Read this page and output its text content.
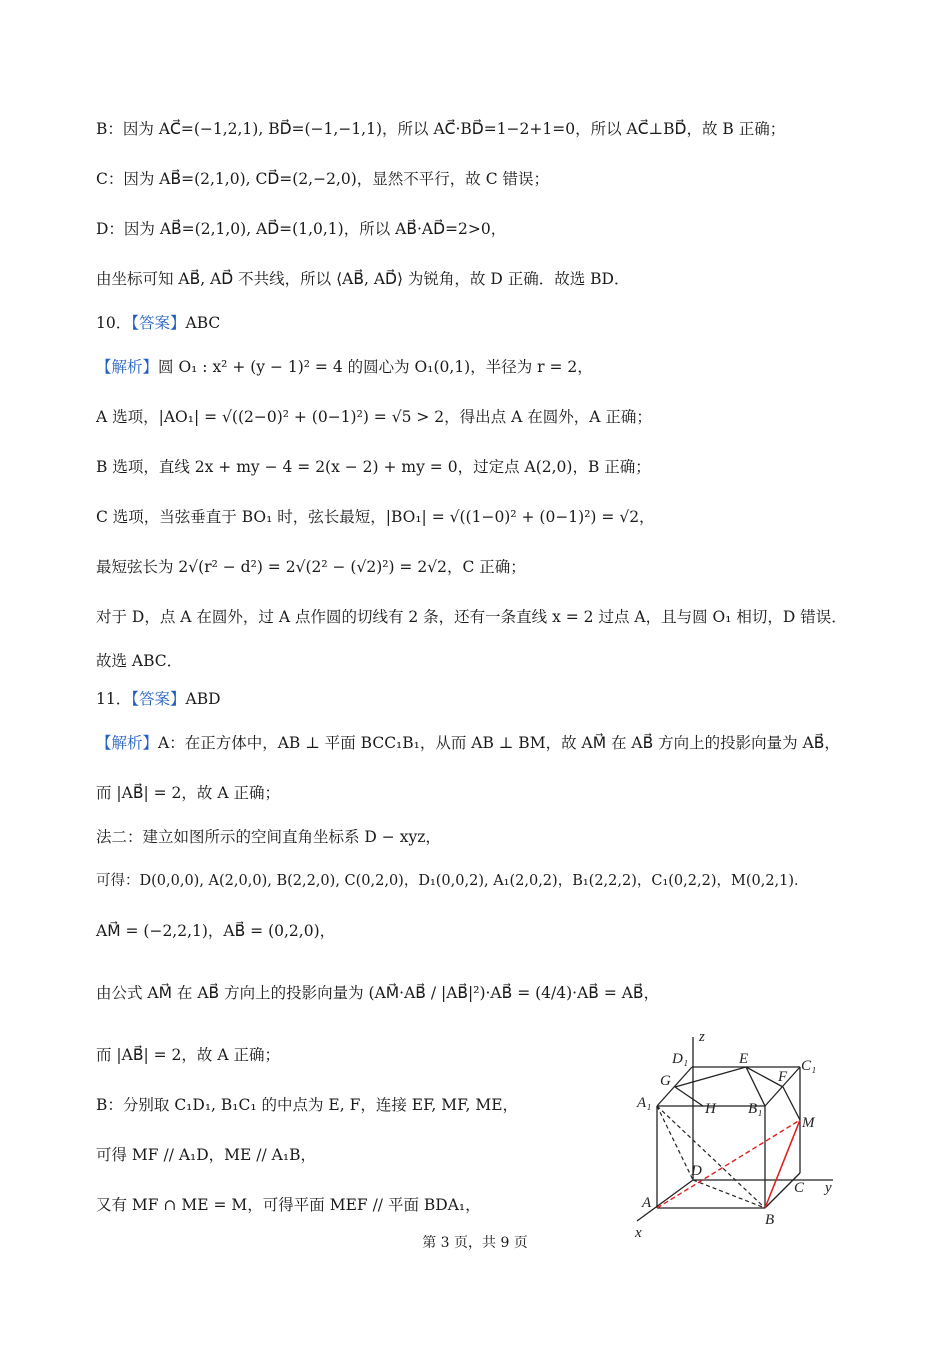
B：因为 AC⃗=(−1,2,1), BD⃗=(−1,−1,1)，所以 AC⃗·BD⃗=1−2+1=0，所以 AC⃗⊥BD⃗，故 B 正确；
C：因为 AB⃗=(2,1,0), CD⃗=(2,−2,0)，显然不平行，故 C 错误；
D：因为 AB⃗=(2,1,0), AD⃗=(1,0,1)，所以 AB⃗·AD⃗=2>0，
由坐标可知 AB⃗, AD⃗ 不共线，所以 ⟨AB⃗, AD⃗⟩ 为锐角，故 D 正确．故选 BD．
10．【答案】ABC
【解析】圆 O₁ : x² + (y − 1)² = 4 的圆心为 O₁(0,1)，半径为 r = 2，
A 选项，|AO₁| = √((2−0)² + (0−1)²) = √5 > 2，得出点 A 在圆外，A 正确；
B 选项，直线 2x + my − 4 = 2(x − 2) + my = 0，过定点 A(2,0)，B 正确；
C 选项，当弦垂直于 BO₁ 时，弦长最短，|BO₁| = √((1−0)² + (0−1)²) = √2，
最短弦长为 2√(r² − d²) = 2√(2² − (√2)²) = 2√2，C 正确；
对于 D，点 A 在圆外，过 A 点作圆的切线有 2 条，还有一条直线 x = 2 过点 A，且与圆 O₁ 相切，D 错误．
故选 ABC．
11．【答案】ABD
【解析】A：在正方体中，AB ⊥ 平面 BCC₁B₁，从而 AB ⊥ BM，故 AM⃗ 在 AB⃗ 方向上的投影向量为 AB⃗，
而 |AB⃗| = 2，故 A 正确；
法二：建立如图所示的空间直角坐标系 D − xyz，
可得：D(0,0,0), A(2,0,0), B(2,2,0), C(0,2,0)，D₁(0,0,2), A₁(2,0,2)，B₁(2,2,2)，C₁(0,2,2)，M(0,2,1)．
AM⃗ = (−2,2,1)，AB⃗ = (0,2,0)，
由公式 AM⃗ 在 AB⃗ 方向上的投影向量为 (AM⃗·AB⃗ / |AB⃗|²)·AB⃗ = (4/4)·AB⃗ = AB⃗，
而 |AB⃗| = 2，故 A 正确；
B：分别取 C₁D₁, B₁C₁ 的中点为 E, F，连接 EF, MF, ME，
可得 MF // A₁D，ME // A₁B，
又有 MF ∩ ME = M，可得平面 MEF // 平面 BDA₁，
z
y
x
D₁	E	C₁
G	F
A₁	H B₁
M
D
C
A
B
第 3 页，共 9 页
